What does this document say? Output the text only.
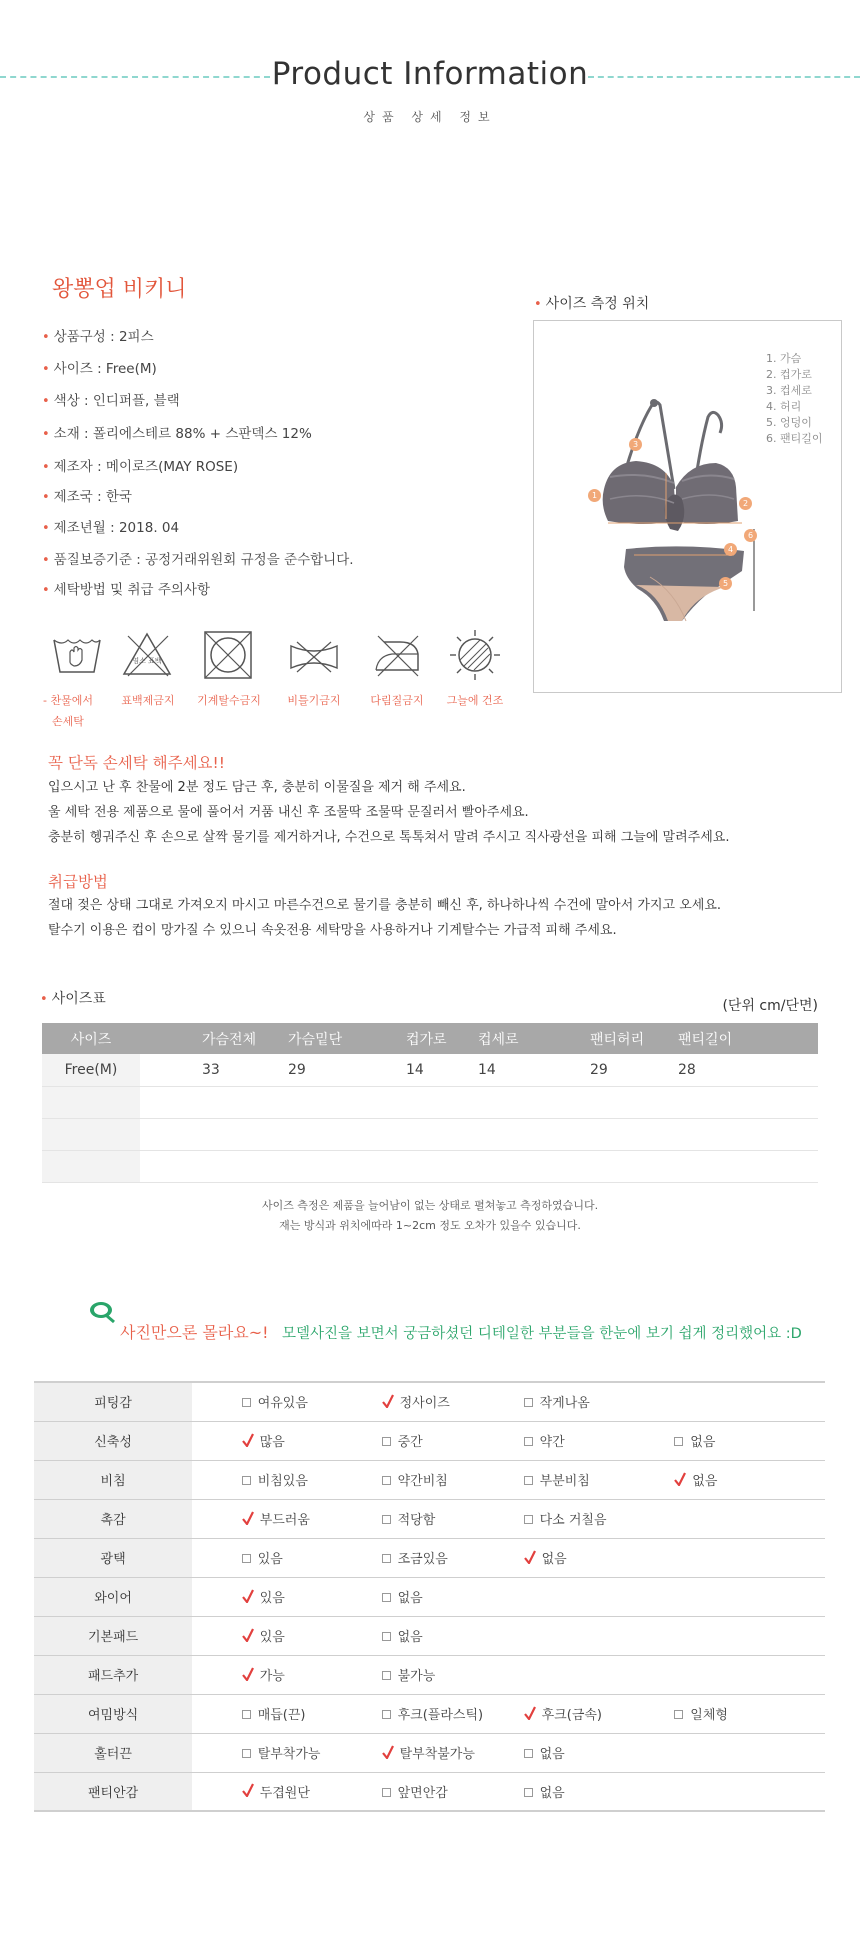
Product Information
상품 상세 정보
왕뽕업 비키니
• 상품구성 : 2피스
• 사이즈 : Free(M)
• 색상 : 인디퍼플, 블랙
• 소재 : 폴리에스테르 88% + 스판덱스 12%
• 제조자 : 메이로즈(MAY ROSE)
• 제조국 : 한국
• 제조년월 : 2018. 04
• 품질보증기준 : 공정거래위원회 규정을 준수합니다.
• 세탁방법 및 취급 주의사항
염소 표백
- 찬물에서 손세탁
표백제금지	기계탈수금지	비틀기금지	다림질금지	그늘에 건조
• 사이즈 측정 위치
1
2
3
4
5
6
1. 가슴
2. 컵가로
3. 컵세로
4. 허리
5. 엉덩이
6. 팬티길이
꼭 단독 손세탁 해주세요!!
입으시고 난 후 찬물에 2분 정도 담근 후, 충분히 이물질을 제거 해 주세요.
울 세탁 전용 제품으로 물에 풀어서 거품 내신 후 조물딱 조물딱 문질러서 빨아주세요.
충분히 헹궈주신 후 손으로 살짝 물기를 제거하거나, 수건으로 톡톡쳐서 말려 주시고 직사광선을 피해 그늘에 말려주세요.
취급방법
절대 젖은 상태 그대로 가져오지 마시고 마른수건으로 물기를 충분히 빼신 후, 하나하나씩 수건에 말아서 가지고 오세요.
탈수기 이용은 컵이 망가질 수 있으니 속옷전용 세탁망을 사용하거나 기계탈수는 가급적 피해 주세요.
• 사이즈표	(단위 cm/단면)
사이즈		가슴전체	가슴밑단	컵가로	컵세로	팬티허리	팬티길이
Free(M)		33	29	14	14	29	28

사이즈 측정은 제품을 늘어남이 없는 상태로 펼쳐놓고 측정하였습니다.
재는 방식과 위치에따라 1~2cm 정도 오차가 있을수 있습니다.
사진만으론 몰라요~! 모델사진을 보면서 궁금하셨던 디테일한 부분들을 한눈에 보기 쉽게 정리했어요 :D
피팅감		여유있음	정사이즈	작게나옴	
신축성		많음	중간	약간	없음
비침		비침있음	약간비침	부분비침	없음
촉감		부드러움	적당함	다소 거칠음	
광택		있음	조금있음	없음	
와이어		있음	없음		
기본패드		있음	없음		
패드추가		가능	불가능		
여밈방식		매듭(끈)	후크(플라스틱)	후크(금속)	일체형
홀터끈		탈부착가능	탈부착불가능	없음	
팬티안감		두겹원단	앞면안감	없음	
